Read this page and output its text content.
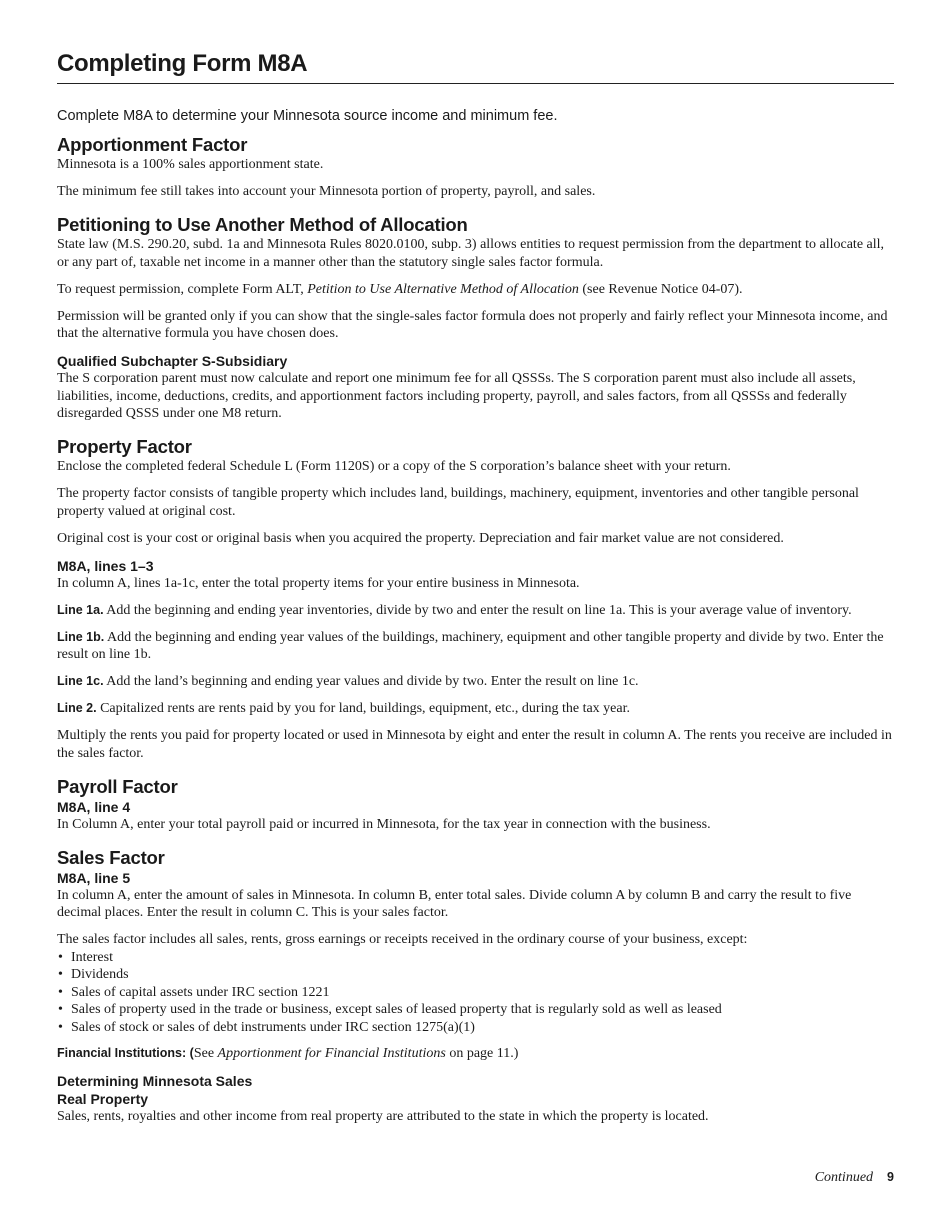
Completing Form M8A
Complete M8A to determine your Minnesota source income and minimum fee.
Apportionment Factor

Minnesota is a 100% sales apportionment state.

The minimum fee still takes into account your Minnesota portion of property, payroll, and sales.

Petitioning to Use Another Method of Allocation

State law (M.S. 290.20, subd. 1a and Minnesota Rules 8020.0100, subp. 3) allows entities to request permission from the department to allocate all, or any part of, taxable net income in a manner other than the statutory single sales factor formula.

To request permission, complete Form ALT, Petition to Use Alternative Method of Allocation (see Revenue Notice 04-07).

Permission will be granted only if you can show that the single-sales factor formula does not properly and fairly reflect your Minnesota income, and that the alternative formula you have chosen does.

Qualified Subchapter S-Subsidiary

The S corporation parent must now calculate and report one minimum fee for all QSSSs. The S corporation parent must also include all assets, liabilities, income, deductions, credits, and apportionment factors including property, payroll, and sales factors, from all QSSSs and federally disregarded QSSS under one M8 return.

Property Factor

Enclose the completed federal Schedule L (Form 1120S) or a copy of the S corporation’s balance sheet with your return.

The property factor consists of tangible property which includes land, buildings, machinery, equipment, inventories and other tangible personal property valued at original cost.

Original cost is your cost or original basis when you acquired the property. Depreciation and fair market value are not considered.

M8A, lines 1–3

In column A, lines 1a-1c, enter the total property items for your entire business in Minnesota.

Line 1a. Add the beginning and ending year inventories, divide by two and enter the result on line 1a. This is your average value of inventory.

Line 1b. Add the beginning and ending year values of the buildings, machinery, equipment and other tangible property and divide by two. Enter the result on line 1b.

Line 1c. Add the land’s beginning and ending year values and divide by two. Enter the result on line 1c.

Line 2. Capitalized rents are rents paid by you for land, buildings, equipment, etc., during the tax year.

Multiply the rents you paid for property located or used in Minnesota by eight and enter the result in column A. The rents you receive are included in the sales factor.

Payroll Factor
M8A, line 4

In Column A, enter your total payroll paid or incurred in Minnesota, for the tax year in connection with the business.

Sales Factor
M8A, line 5

In column A, enter the amount of sales in Minnesota. In column B, enter total sales. Divide column A by column B and carry the result to five decimal places. Enter the result in column C. This is your sales factor.

The sales factor includes all sales, rents, gross earnings or receipts received in the ordinary course of your business, except:

• Interest
• Dividends
• Sales of capital assets under IRC section 1221
• Sales of property used in the trade or business, except sales of leased property that is regularly sold as well as leased
• Sales of stock or sales of debt instruments under IRC section 1275(a)(1)

Financial Institutions: (See Apportionment for Financial Institutions on page 11.)

Determining Minnesota Sales
Real Property

Sales, rents, royalties and other income from real property are attributed to the state in which the property is located.

Continued 9
